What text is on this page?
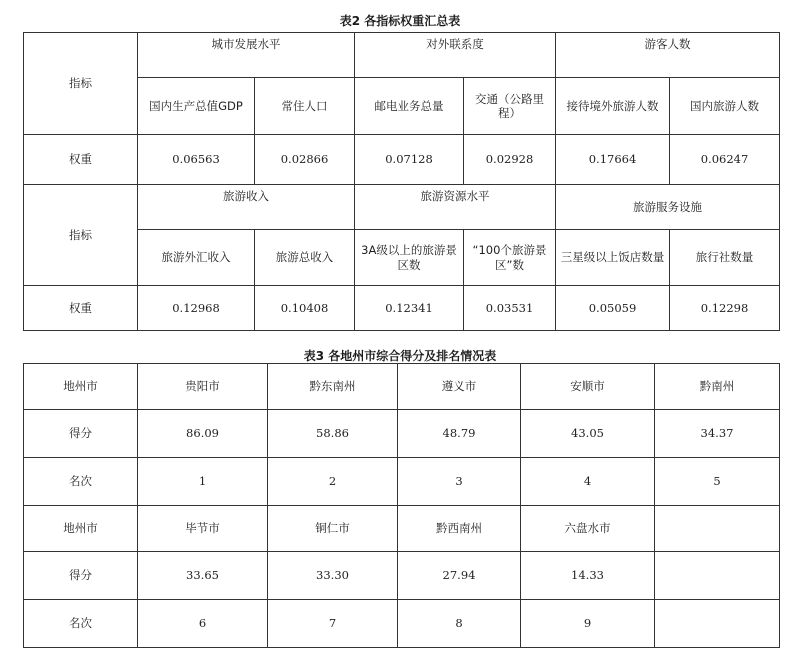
表2 各指标权重汇总表
指标	城市发展水平		对外联系度		游客人数	
	国内生产总值GDP	常住人口	邮电业务总量	交通（公路里程）	接待境外旅游人数	国内旅游人数
权重	0.06563	0.02866	0.07128	0.02928	0.17664	0.06247
指标	旅游收入		旅游资源水平		旅游服务设施	
	旅游外汇收入	旅游总收入	3A级以上的旅游景区数	“100个旅游景区”数	三星级以上饭店数量	旅行社数量
权重	0.12968	0.10408	0.12341	0.03531	0.05059	0.12298
表3 各地州市综合得分及排名情况表
地州市	贵阳市	黔东南州	遵义市	安顺市	黔南州
得分	86.09	58.86	48.79	43.05	34.37
名次	1	2	3	4	5
地州市	毕节市	铜仁市	黔西南州	六盘水市	
得分	33.65	33.30	27.94	14.33	
名次	6	7	8	9	
